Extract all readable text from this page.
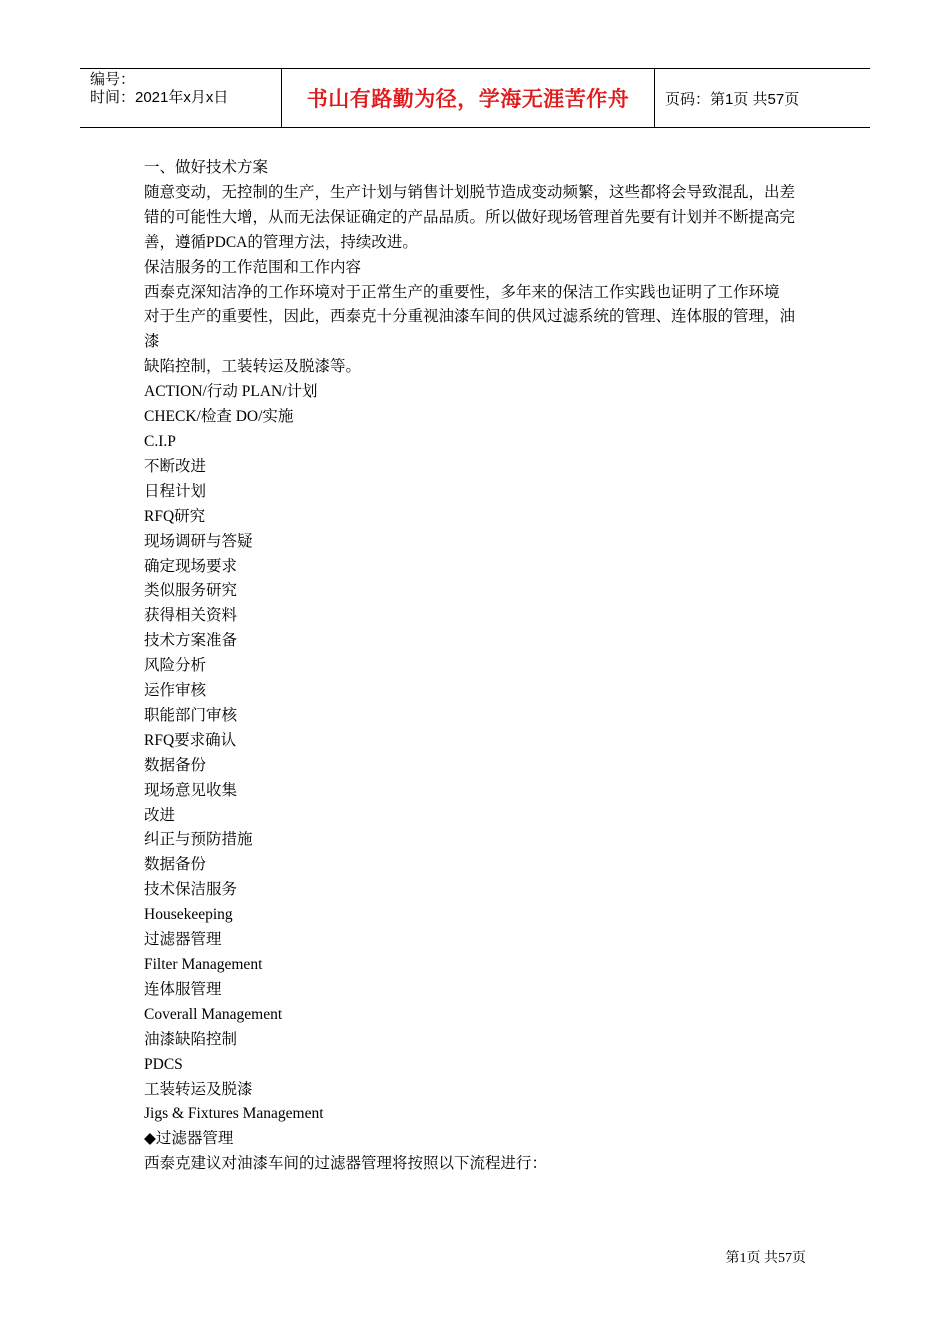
编号：
时间：2021年x月x日	书山有路勤为径，学海无涯苦作舟	页码：第1页 共57页

一、做好技术方案

随意变动，无控制的生产，生产计划与销售计划脱节造成变动频繁，这些都将会导致混乱，出差错的可能性大增，从而无法保证确定的产品品质。所以做好现场管理首先要有计划并不断提高完

善，遵循PDCA的管理方法，持续改进。

保洁服务的工作范围和工作内容

西泰克深知洁净的工作环境对于正常生产的重要性，多年来的保洁工作实践也证明了工作环境

对于生产的重要性，因此，西泰克十分重视油漆车间的供风过滤系统的管理、连体服的管理，油漆

缺陷控制，工装转运及脱漆等。

ACTION/行动 PLAN/计划

CHECK/检查 DO/实施

C.I.P

不断改进

日程计划

RFQ研究

现场调研与答疑

确定现场要求

类似服务研究

获得相关资料

技术方案准备

风险分析

运作审核

职能部门审核

RFQ要求确认

数据备份

现场意见收集

改进

纠正与预防措施

数据备份

技术保洁服务

Housekeeping

过滤器管理

Filter Management

连体服管理

Coverall Management

油漆缺陷控制

PDCS

工装转运及脱漆

Jigs & Fixtures Management

◆过滤器管理

西泰克建议对油漆车间的过滤器管理将按照以下流程进行：

第1页 共57页
